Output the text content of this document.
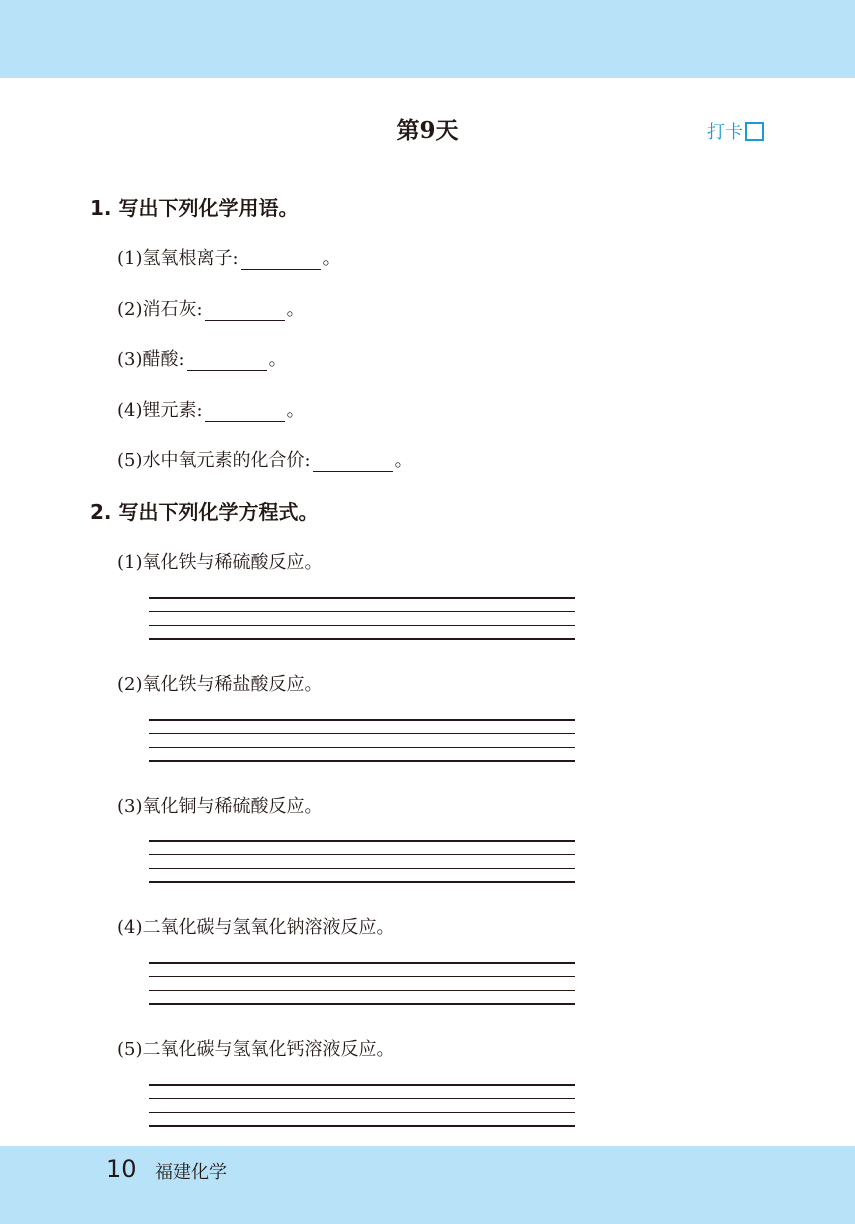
第9天	打卡
1. 写出下列化学用语。
(1)氢氧根离子:	。
(2)消石灰:	。
(3)醋酸:	。
(4)锂元素:	。
(5)水中氧元素的化合价:	。
2. 写出下列化学方程式。
(1)氧化铁与稀硫酸反应。
(2)氧化铁与稀盐酸反应。
(3)氧化铜与稀硫酸反应。
(4)二氧化碳与氢氧化钠溶液反应。
(5)二氧化碳与氢氧化钙溶液反应。
10 福建化学
